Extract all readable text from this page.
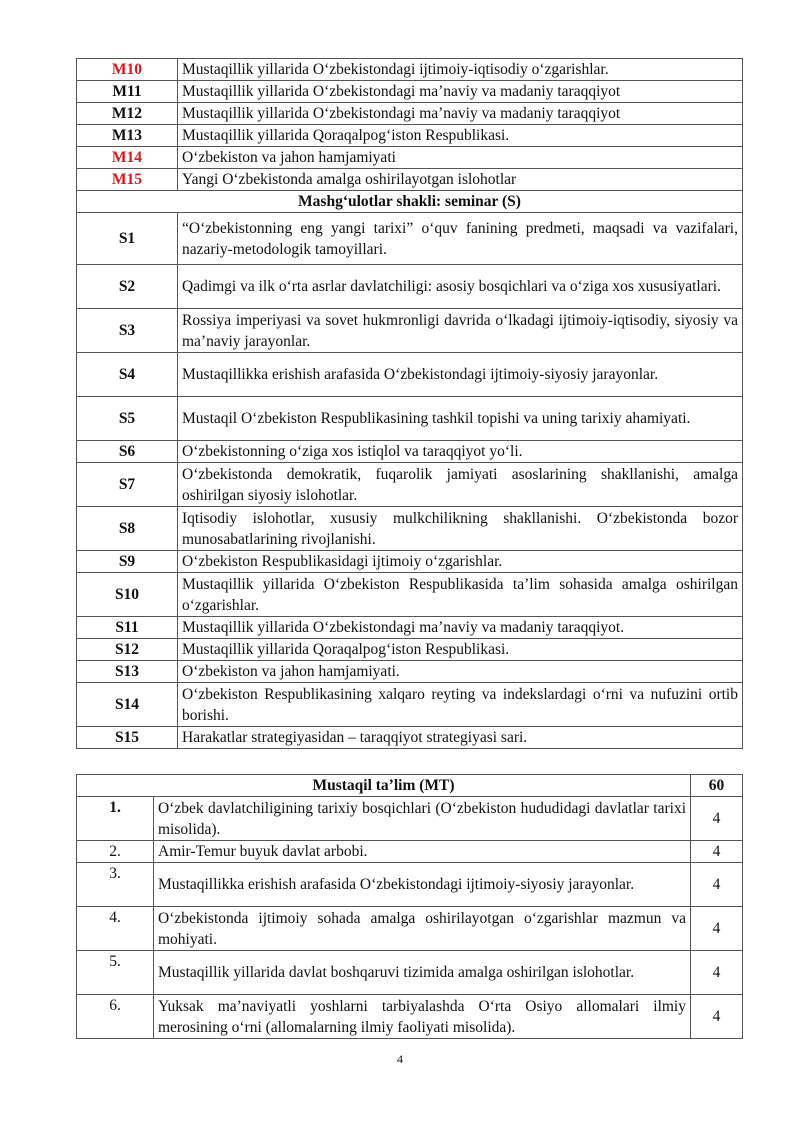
M10	Mustaqillik yillarida O‘zbekistondagi ijtimoiy-iqtisodiy o‘zgarishlar.
M11	Mustaqillik yillarida O‘zbekistondagi ma’naviy va madaniy taraqqiyot
M12	Mustaqillik yillarida O‘zbekistondagi ma’naviy va madaniy taraqqiyot
M13	Mustaqillik yillarida Qoraqalpog‘iston Respublikasi.
M14	O‘zbekiston va jahon hamjamiyati
M15	Yangi O‘zbekistonda amalga oshirilayotgan islohotlar
Mashg‘ulotlar shakli: seminar (S)	
S1	“O‘zbekistonning eng yangi tarixi” o‘quv fanining predmeti, maqsadi va vazifalari, nazariy-metodologik tamoyillari.
S2	Qadimgi va ilk o‘rta asrlar davlatchiligi: asosiy bosqichlari va o‘ziga xos xususiyatlari.
S3	Rossiya imperiyasi va sovet hukmronligi davrida o‘lkadagi ijtimoiy-iqtisodiy, siyosiy va ma’naviy jarayonlar.
S4	Mustaqillikka erishish arafasida O‘zbekistondagi ijtimoiy-siyosiy jarayonlar.
S5	Mustaqil O‘zbekiston Respublikasining tashkil topishi va uning tarixiy ahamiyati.
S6	O‘zbekistonning o‘ziga xos istiqlol va taraqqiyot yo‘li.
S7	O‘zbekistonda demokratik, fuqarolik jamiyati asoslarining shakllanishi, amalga oshirilgan siyosiy islohotlar.
S8	Iqtisodiy islohotlar, xususiy mulkchilikning shakllanishi. O‘zbekistonda bozor munosabatlarining rivojlanishi.
S9	O‘zbekiston Respublikasidagi ijtimoiy o‘zgarishlar.
S10	Mustaqillik yillarida O‘zbekiston Respublikasida ta’lim sohasida amalga oshirilgan o‘zgarishlar.
S11	Mustaqillik yillarida O‘zbekistondagi ma’naviy va madaniy taraqqiyot.
S12	Mustaqillik yillarida Qoraqalpog‘iston Respublikasi.
S13	O‘zbekiston va jahon hamjamiyati.
S14	O‘zbekiston Respublikasining xalqaro reyting va indekslardagi o‘rni va nufuzini ortib borishi.
S15	Harakatlar strategiyasidan – taraqqiyot strategiyasi sari.
Mustaqil ta’lim (MT)		60
1.	O‘zbek davlatchiligining tarixiy bosqichlari (O‘zbekiston hududidagi davlatlar tarixi misolida).	4
2.	Amir-Temur buyuk davlat arbobi.	4
3.	Mustaqillikka erishish arafasida O‘zbekistondagi ijtimoiy-siyosiy jarayonlar.	4
4.	O‘zbekistonda ijtimoiy sohada amalga oshirilayotgan o‘zgarishlar mazmun va mohiyati.	4
5.	Mustaqillik yillarida davlat boshqaruvi tizimida amalga oshirilgan islohotlar.	4
6.	Yuksak ma’naviyatli yoshlarni tarbiyalashda O‘rta Osiyo allomalari ilmiy merosining o‘rni (allomalarning ilmiy faoliyati misolida).	4
4
